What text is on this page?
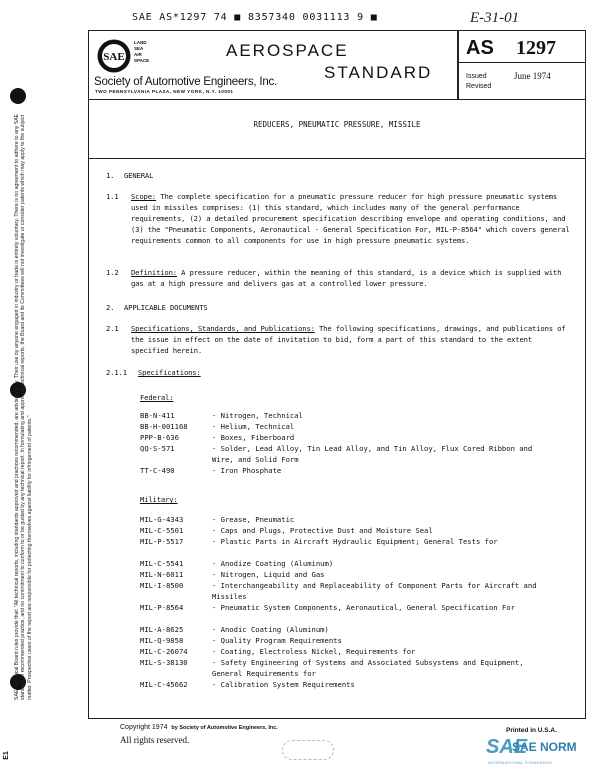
SAE AS*1297 74 ■ 8357340 0031113 9 ■	E-31-01
SAE
LAND
SEA
AIR
SPACE
Society of Automotive Engineers, Inc.
TWO PENNSYLVANIA PLAZA, NEW YORK, N.Y. 10001
AEROSPACE
STANDARD
AS 1297
Issued	June 1974
Revised
REDUCERS, PNEUMATIC PRESSURE, MISSILE
1. GENERAL
1.1 Scope: The complete specification for a pneumatic pressure reducer for high pressure pneumatic systems used in missiles comprises: (1) this standard, which includes many of the general performance requirements, (2) a detailed procurement specification describing envelope and operating conditions, and (3) the "Pneumatic Components, Aeronautical - General Specification For, MIL-P-8564" which covers general requirements common to all components for use in high pressure pneumatic systems.
1.2 Definition: A pressure reducer, within the meaning of this standard, is a device which is supplied with gas at a high pressure and delivers gas at a controlled lower pressure.
2. APPLICABLE DOCUMENTS
2.1 Specifications, Standards, and Publications: The following specifications, drawings, and publications of the issue in effect on the date of invitation to bid, form a part of this standard to the extent specified herein.
2.1.1 Specifications:
Federal:
BB-N-411	- Nitrogen, Technical
BB-H-001168	- Helium, Technical
PPP-B-636	- Boxes, Fiberboard
QQ-S-571	- Solder, Lead Alloy, Tin Lead Alloy, and Tin Alloy, Flux Cored Ribbon and Wire, and Solid Form
TT-C-490	- Iron Phosphate
Military:
MIL-G-4343	- Grease, Pneumatic
MIL-C-5501	- Caps and Plugs, Protective Dust and Moisture Seal
MIL-P-5517	- Plastic Parts in Aircraft Hydraulic Equipment; General Tests for
MIL-C-5541	- Anodize Coating (Aluminum)
MIL-N-6011	- Nitrogen, Liquid and Gas
MIL-I-8500	- Interchangeability and Replaceability of Component Parts for Aircraft and Missiles
MIL-P-8564	- Pneumatic System Components, Aeronautical, General Specification For
MIL-A-8625	- Anodic Coating (Aluminum)
MIL-Q-9858	- Quality Program Requirements
MIL-C-26074	- Coating, Electroless Nickel, Requirements for
MIL-S-38130	- Safety Engineering of Systems and Associated Subsystems and Equipment, General Requirements for
MIL-C-45662	- Calibration System Requirements
Copyright 1974 by Society of Automotive Engineers, Inc.
All rights reserved.
Printed in U.S.A.
SAE
SAE NORM
INTERNATIONAL STANDARDS
SAE Technical Board rules provide that: "All technical reports, including standards approved and practices recommended, are advisory only. Their use by anyone engaged in industry or trade is entirely voluntary. There is no agreement to adhere to any SAE standard or recommended practice, and no commitment to conform to or be guided by any technical report. In formulating and approving technical reports, the Board and its Committees will not investigate or consider patents which may apply to the subject matter. Prospective users of the report are responsible for protecting themselves against liability for infringement of patents."
E1
